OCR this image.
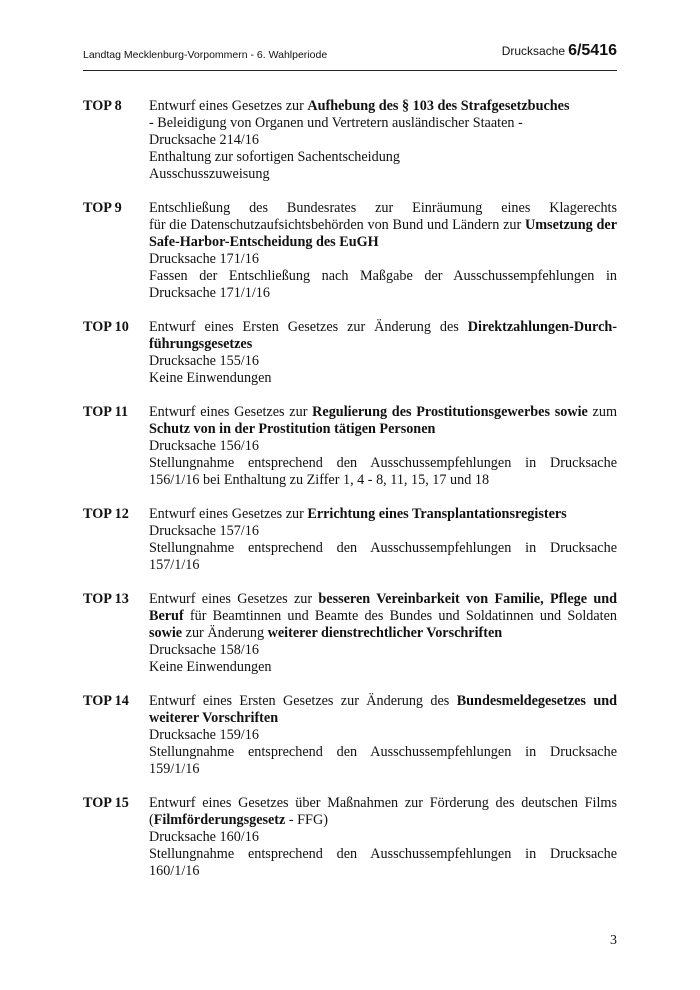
Landtag Mecklenburg-Vorpommern - 6. Wahlperiode	Drucksache 6/5416
TOP 8	Entwurf eines Gesetzes zur Aufhebung des § 103 des Strafgesetzbuches

- Beleidigung von Organen und Vertretern ausländischer Staaten -

Drucksache 214/16

Enthaltung zur sofortigen Sachentscheidung

Ausschusszuweisung

TOP 9	Entschließung des Bundesrates zur Einräumung eines Klagerechts

für die Datenschutzaufsichtsbehörden von Bund und Ländern zur Umsetzung der

Safe-Harbor-Entscheidung des EuGH

Drucksache 171/16

Fassen der Entschließung nach Maßgabe der Ausschussempfehlungen in

Drucksache 171/1/16

TOP 10	Entwurf eines Ersten Gesetzes zur Änderung des Direktzahlungen-Durch-

führungsgesetzes

Drucksache 155/16

Keine Einwendungen

TOP 11	Entwurf eines Gesetzes zur Regulierung des Prostitutionsgewerbes sowie zum

Schutz von in der Prostitution tätigen Personen

Drucksache 156/16

Stellungnahme entsprechend den Ausschussempfehlungen in Drucksache

156/1/16 bei Enthaltung zu Ziffer 1, 4 - 8, 11, 15, 17 und 18

TOP 12	Entwurf eines Gesetzes zur Errichtung eines Transplantationsregisters

Drucksache 157/16

Stellungnahme entsprechend den Ausschussempfehlungen in Drucksache

157/1/16

TOP 13	Entwurf eines Gesetzes zur besseren Vereinbarkeit von Familie, Pflege und

Beruf für Beamtinnen und Beamte des Bundes und Soldatinnen und Soldaten

sowie zur Änderung weiterer dienstrechtlicher Vorschriften

Drucksache 158/16

Keine Einwendungen

TOP 14	Entwurf eines Ersten Gesetzes zur Änderung des Bundesmeldegesetzes und

weiterer Vorschriften

Drucksache 159/16

Stellungnahme entsprechend den Ausschussempfehlungen in Drucksache

159/1/16

TOP 15	Entwurf eines Gesetzes über Maßnahmen zur Förderung des deutschen Films

(Filmförderungsgesetz - FFG)

Drucksache 160/16

Stellungnahme entsprechend den Ausschussempfehlungen in Drucksache

160/1/16

3
